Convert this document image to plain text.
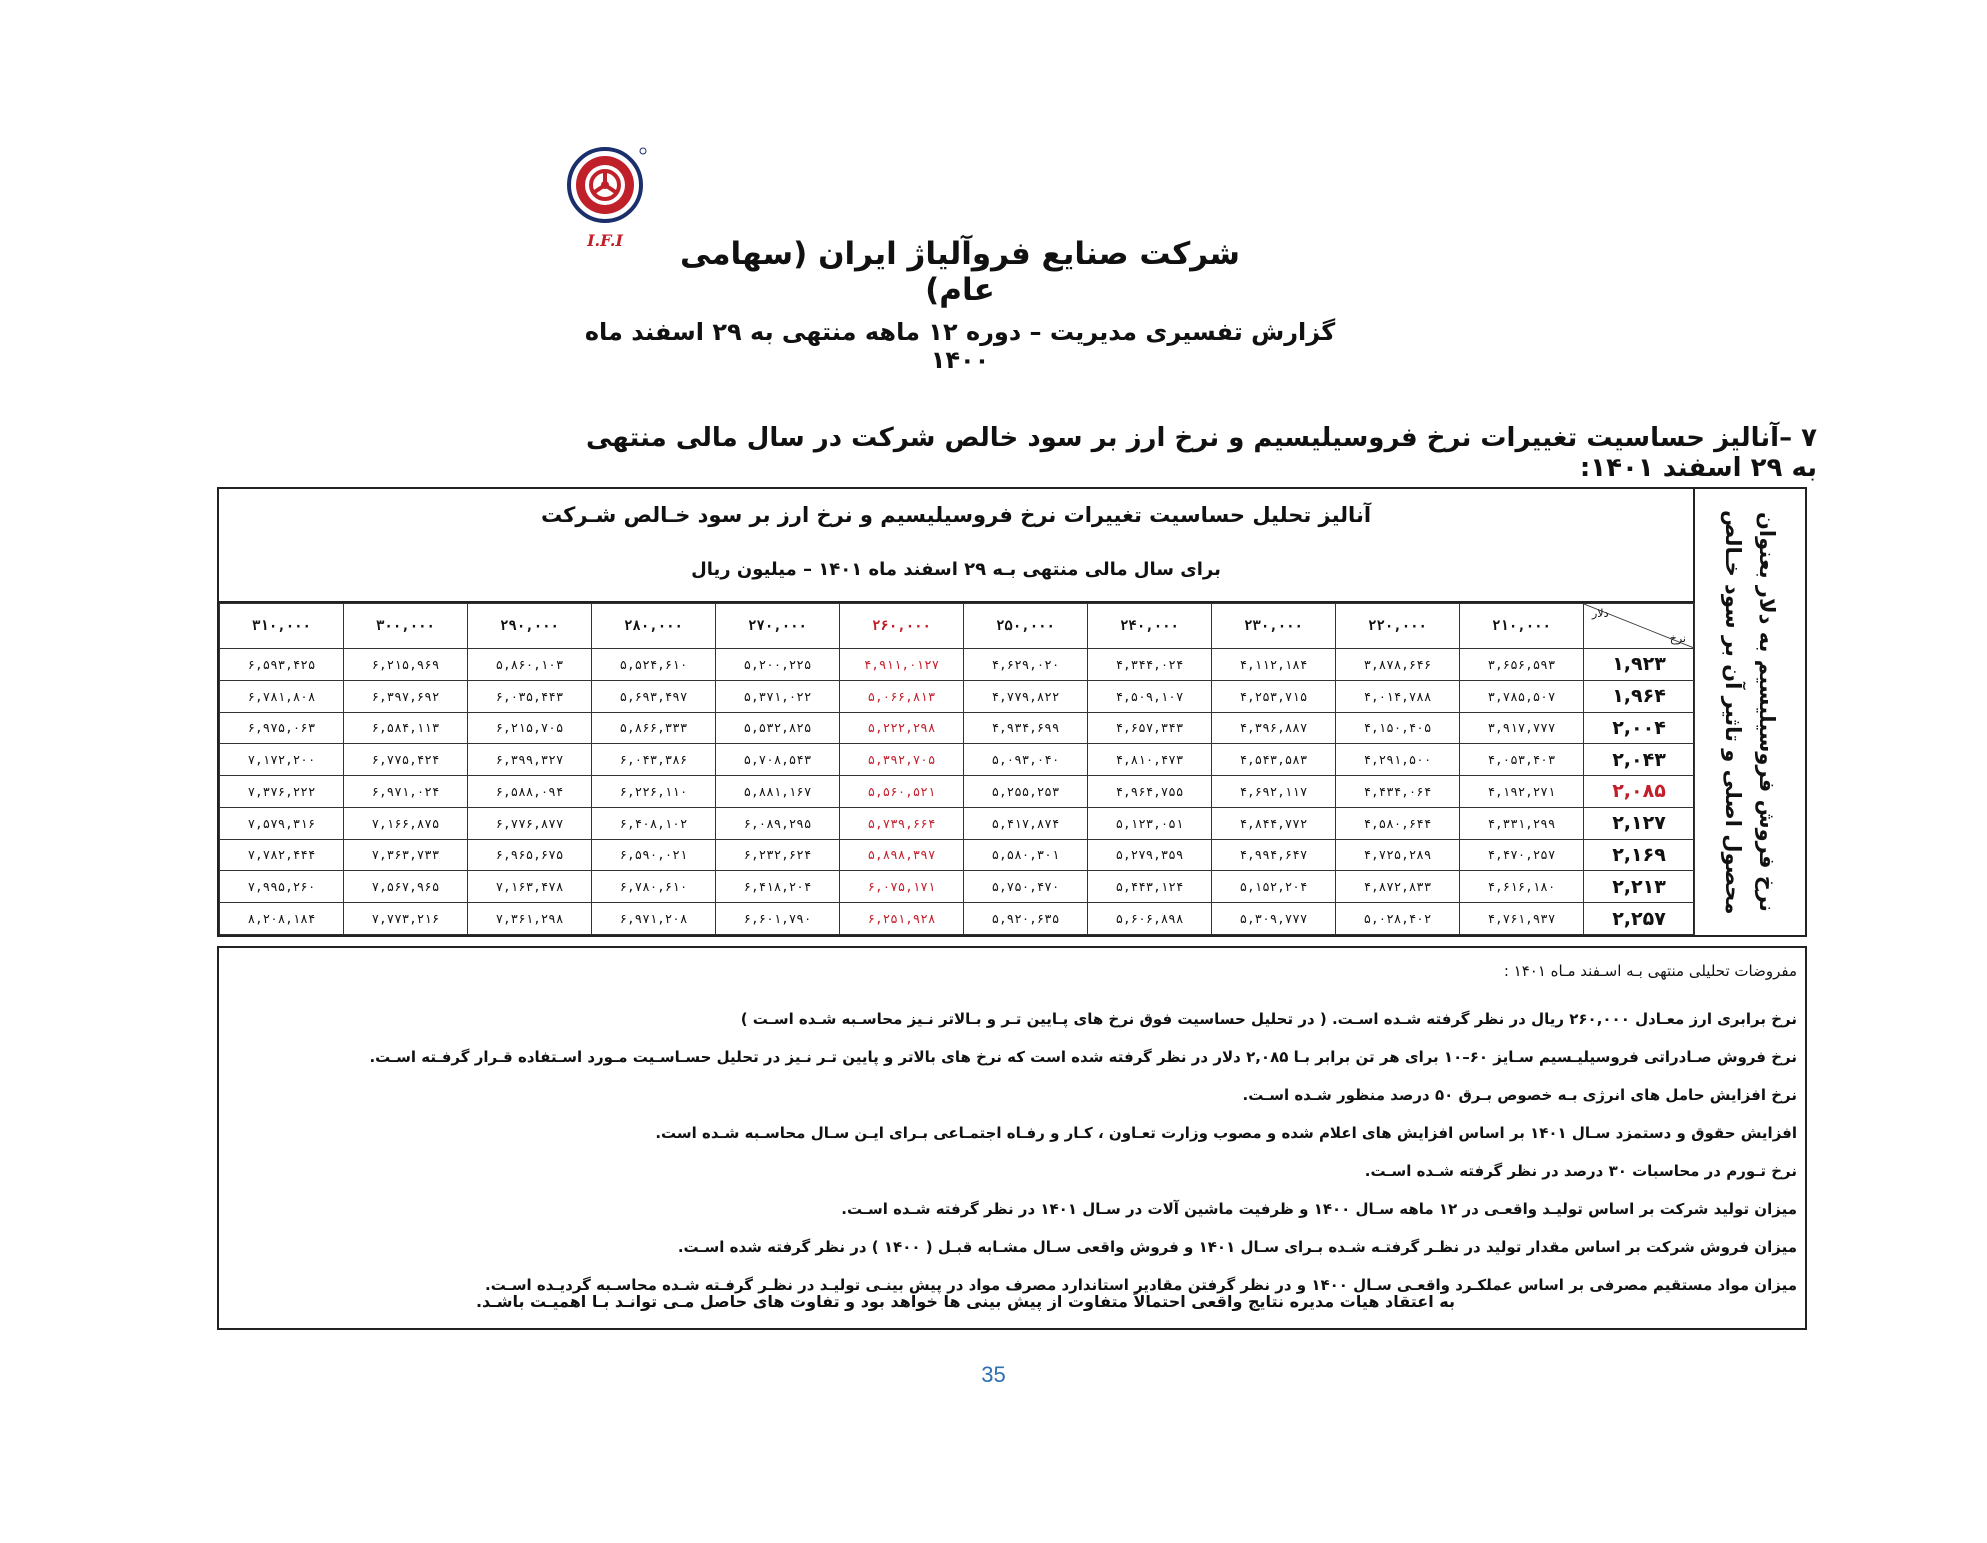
I.F.I	شرکت صنایع فروآلیاژ ایران (سهامی عام)
گزارش تفسیری مدیریت – دوره ۱۲ ماهه منتهی به ۲۹ اسفند ماه ۱۴۰۰
۷ –آنالیز حساسیت تغییرات نرخ فروسیلیسیم و نرخ ارز بر سود خالص شرکت در سال مالی منتهی به ۲۹ اسفند ۱۴۰۱:
نرخ فروش فروسیلیسیم به دلار بعنوان محصول اصلی و تاثیر آن بر سود خـالص
آنالیز تحلیل حساسیت تغییرات نرخ فروسیلیسیم و نرخ ارز بر سود خـالص شـرکت
برای سال مالی منتهی بـه ۲۹ اسفند ماه ۱۴۰۱ – میلیون ریال
دلار
نرخ	۲۱۰,۰۰۰	۲۲۰,۰۰۰	۲۳۰,۰۰۰	۲۴۰,۰۰۰	۲۵۰,۰۰۰	۲۶۰,۰۰۰	۲۷۰,۰۰۰	۲۸۰,۰۰۰	۲۹۰,۰۰۰	۳۰۰,۰۰۰	۳۱۰,۰۰۰
۱,۹۲۳	۳,۶۵۶,۵۹۳	۳,۸۷۸,۶۴۶	۴,۱۱۲,۱۸۴	۴,۳۴۴,۰۲۴	۴,۶۲۹,۰۲۰	۴,۹۱۱,۰۱۲۷	۵,۲۰۰,۲۲۵	۵,۵۲۴,۶۱۰	۵,۸۶۰,۱۰۳	۶,۲۱۵,۹۶۹	۶,۵۹۳,۴۲۵
۱,۹۶۴	۳,۷۸۵,۵۰۷	۴,۰۱۴,۷۸۸	۴,۲۵۳,۷۱۵	۴,۵۰۹,۱۰۷	۴,۷۷۹,۸۲۲	۵,۰۶۶,۸۱۳	۵,۳۷۱,۰۲۲	۵,۶۹۳,۴۹۷	۶,۰۳۵,۴۴۳	۶,۳۹۷,۶۹۲	۶,۷۸۱,۸۰۸
۲,۰۰۴	۳,۹۱۷,۷۷۷	۴,۱۵۰,۴۰۵	۴,۳۹۶,۸۸۷	۴,۶۵۷,۳۴۳	۴,۹۳۴,۶۹۹	۵,۲۲۲,۲۹۸	۵,۵۳۲,۸۲۵	۵,۸۶۶,۳۳۳	۶,۲۱۵,۷۰۵	۶,۵۸۴,۱۱۳	۶,۹۷۵,۰۶۳
۲,۰۴۳	۴,۰۵۳,۴۰۳	۴,۲۹۱,۵۰۰	۴,۵۴۳,۵۸۳	۴,۸۱۰,۴۷۳	۵,۰۹۳,۰۴۰	۵,۳۹۲,۷۰۵	۵,۷۰۸,۵۴۳	۶,۰۴۳,۳۸۶	۶,۳۹۹,۳۲۷	۶,۷۷۵,۴۲۴	۷,۱۷۲,۲۰۰
۲,۰۸۵	۴,۱۹۲,۲۷۱	۴,۴۳۴,۰۶۴	۴,۶۹۲,۱۱۷	۴,۹۶۴,۷۵۵	۵,۲۵۵,۲۵۳	۵,۵۶۰,۵۲۱	۵,۸۸۱,۱۶۷	۶,۲۲۶,۱۱۰	۶,۵۸۸,۰۹۴	۶,۹۷۱,۰۲۴	۷,۳۷۶,۲۲۲
۲,۱۲۷	۴,۳۳۱,۲۹۹	۴,۵۸۰,۶۴۴	۴,۸۴۴,۷۷۲	۵,۱۲۳,۰۵۱	۵,۴۱۷,۸۷۴	۵,۷۳۹,۶۶۴	۶,۰۸۹,۲۹۵	۶,۴۰۸,۱۰۲	۶,۷۷۶,۸۷۷	۷,۱۶۶,۸۷۵	۷,۵۷۹,۳۱۶
۲,۱۶۹	۴,۴۷۰,۲۵۷	۴,۷۲۵,۲۸۹	۴,۹۹۴,۶۴۷	۵,۲۷۹,۳۵۹	۵,۵۸۰,۳۰۱	۵,۸۹۸,۳۹۷	۶,۲۳۲,۶۲۴	۶,۵۹۰,۰۲۱	۶,۹۶۵,۶۷۵	۷,۳۶۳,۷۳۳	۷,۷۸۲,۴۴۴
۲,۲۱۳	۴,۶۱۶,۱۸۰	۴,۸۷۲,۸۳۳	۵,۱۵۲,۲۰۴	۵,۴۴۳,۱۲۴	۵,۷۵۰,۴۷۰	۶,۰۷۵,۱۷۱	۶,۴۱۸,۲۰۴	۶,۷۸۰,۶۱۰	۷,۱۶۳,۴۷۸	۷,۵۶۷,۹۶۵	۷,۹۹۵,۲۶۰
۲,۲۵۷	۴,۷۶۱,۹۳۷	۵,۰۲۸,۴۰۲	۵,۳۰۹,۷۷۷	۵,۶۰۶,۸۹۸	۵,۹۲۰,۶۳۵	۶,۲۵۱,۹۲۸	۶,۶۰۱,۷۹۰	۶,۹۷۱,۲۰۸	۷,۳۶۱,۲۹۸	۷,۷۷۳,۲۱۶	۸,۲۰۸,۱۸۴
مفروضات تحلیلی منتهی بـه اسـفند مـاه ۱۴۰۱ :
نرخ برابری ارز معـادل ۲۶۰,۰۰۰ ریال در نظر گرفته شـده اسـت. ( در تحلیل حساسیت فوق نرخ های پـایین تـر و بـالاتر نـیز محاسـبه شـده اسـت )
نرخ فروش صـادراتی فروسیلیـسیم سـایز ۶۰–۱۰ برای هر تن برابر بـا ۲,۰۸۵ دلار در نظر گرفته شده است که نرخ های بالاتر و پایین تـر نـیز در تحلیل حسـاسـیت مـورد اسـتفاده قـرار گرفـته اسـت.
نرخ افزایش حامل های انرژی بـه خصوص بـرق ۵۰ درصد منظور شـده اسـت.
افزایش حقوق و دستمزد سـال ۱۴۰۱ بر اساس افزایش های اعلام شده و مصوب وزارت تعـاون ، کـار و رفـاه اجتمـاعی بـرای ایـن سـال محاسـبه شـده است.
نرخ تـورم در محاسبات ۳۰ درصد در نظر گرفته شـده اسـت.
میزان تولید شرکت بر اساس تولیـد واقعـی در ۱۲ ماهه سـال ۱۴۰۰ و ظرفیت ماشین آلات در سـال ۱۴۰۱ در نظر گرفته شـده اسـت.
میزان فروش شرکت بر اساس مقدار تولید در نظـر گرفتـه شـده بـرای سـال ۱۴۰۱ و فروش واقعی سـال مشـابه قبـل ( ۱۴۰۰ ) در نظر گرفته شده اسـت.
میزان مواد مستقیم مصرفی بر اساس عملکـرد واقعـی سـال ۱۴۰۰ و در نظر گرفتن مقادیر استاندارد مصرف مواد در پیش بینـی تولیـد در نظـر گرفـته شـده محاسـبه گردیـده اسـت.
به اعتقاد هیات مدیره نتایج واقعی احتمالاً متفاوت از پیش بینی ها خواهد بود و تفاوت های حاصل مـی توانـد بـا اهمیـت باشـد.
35
